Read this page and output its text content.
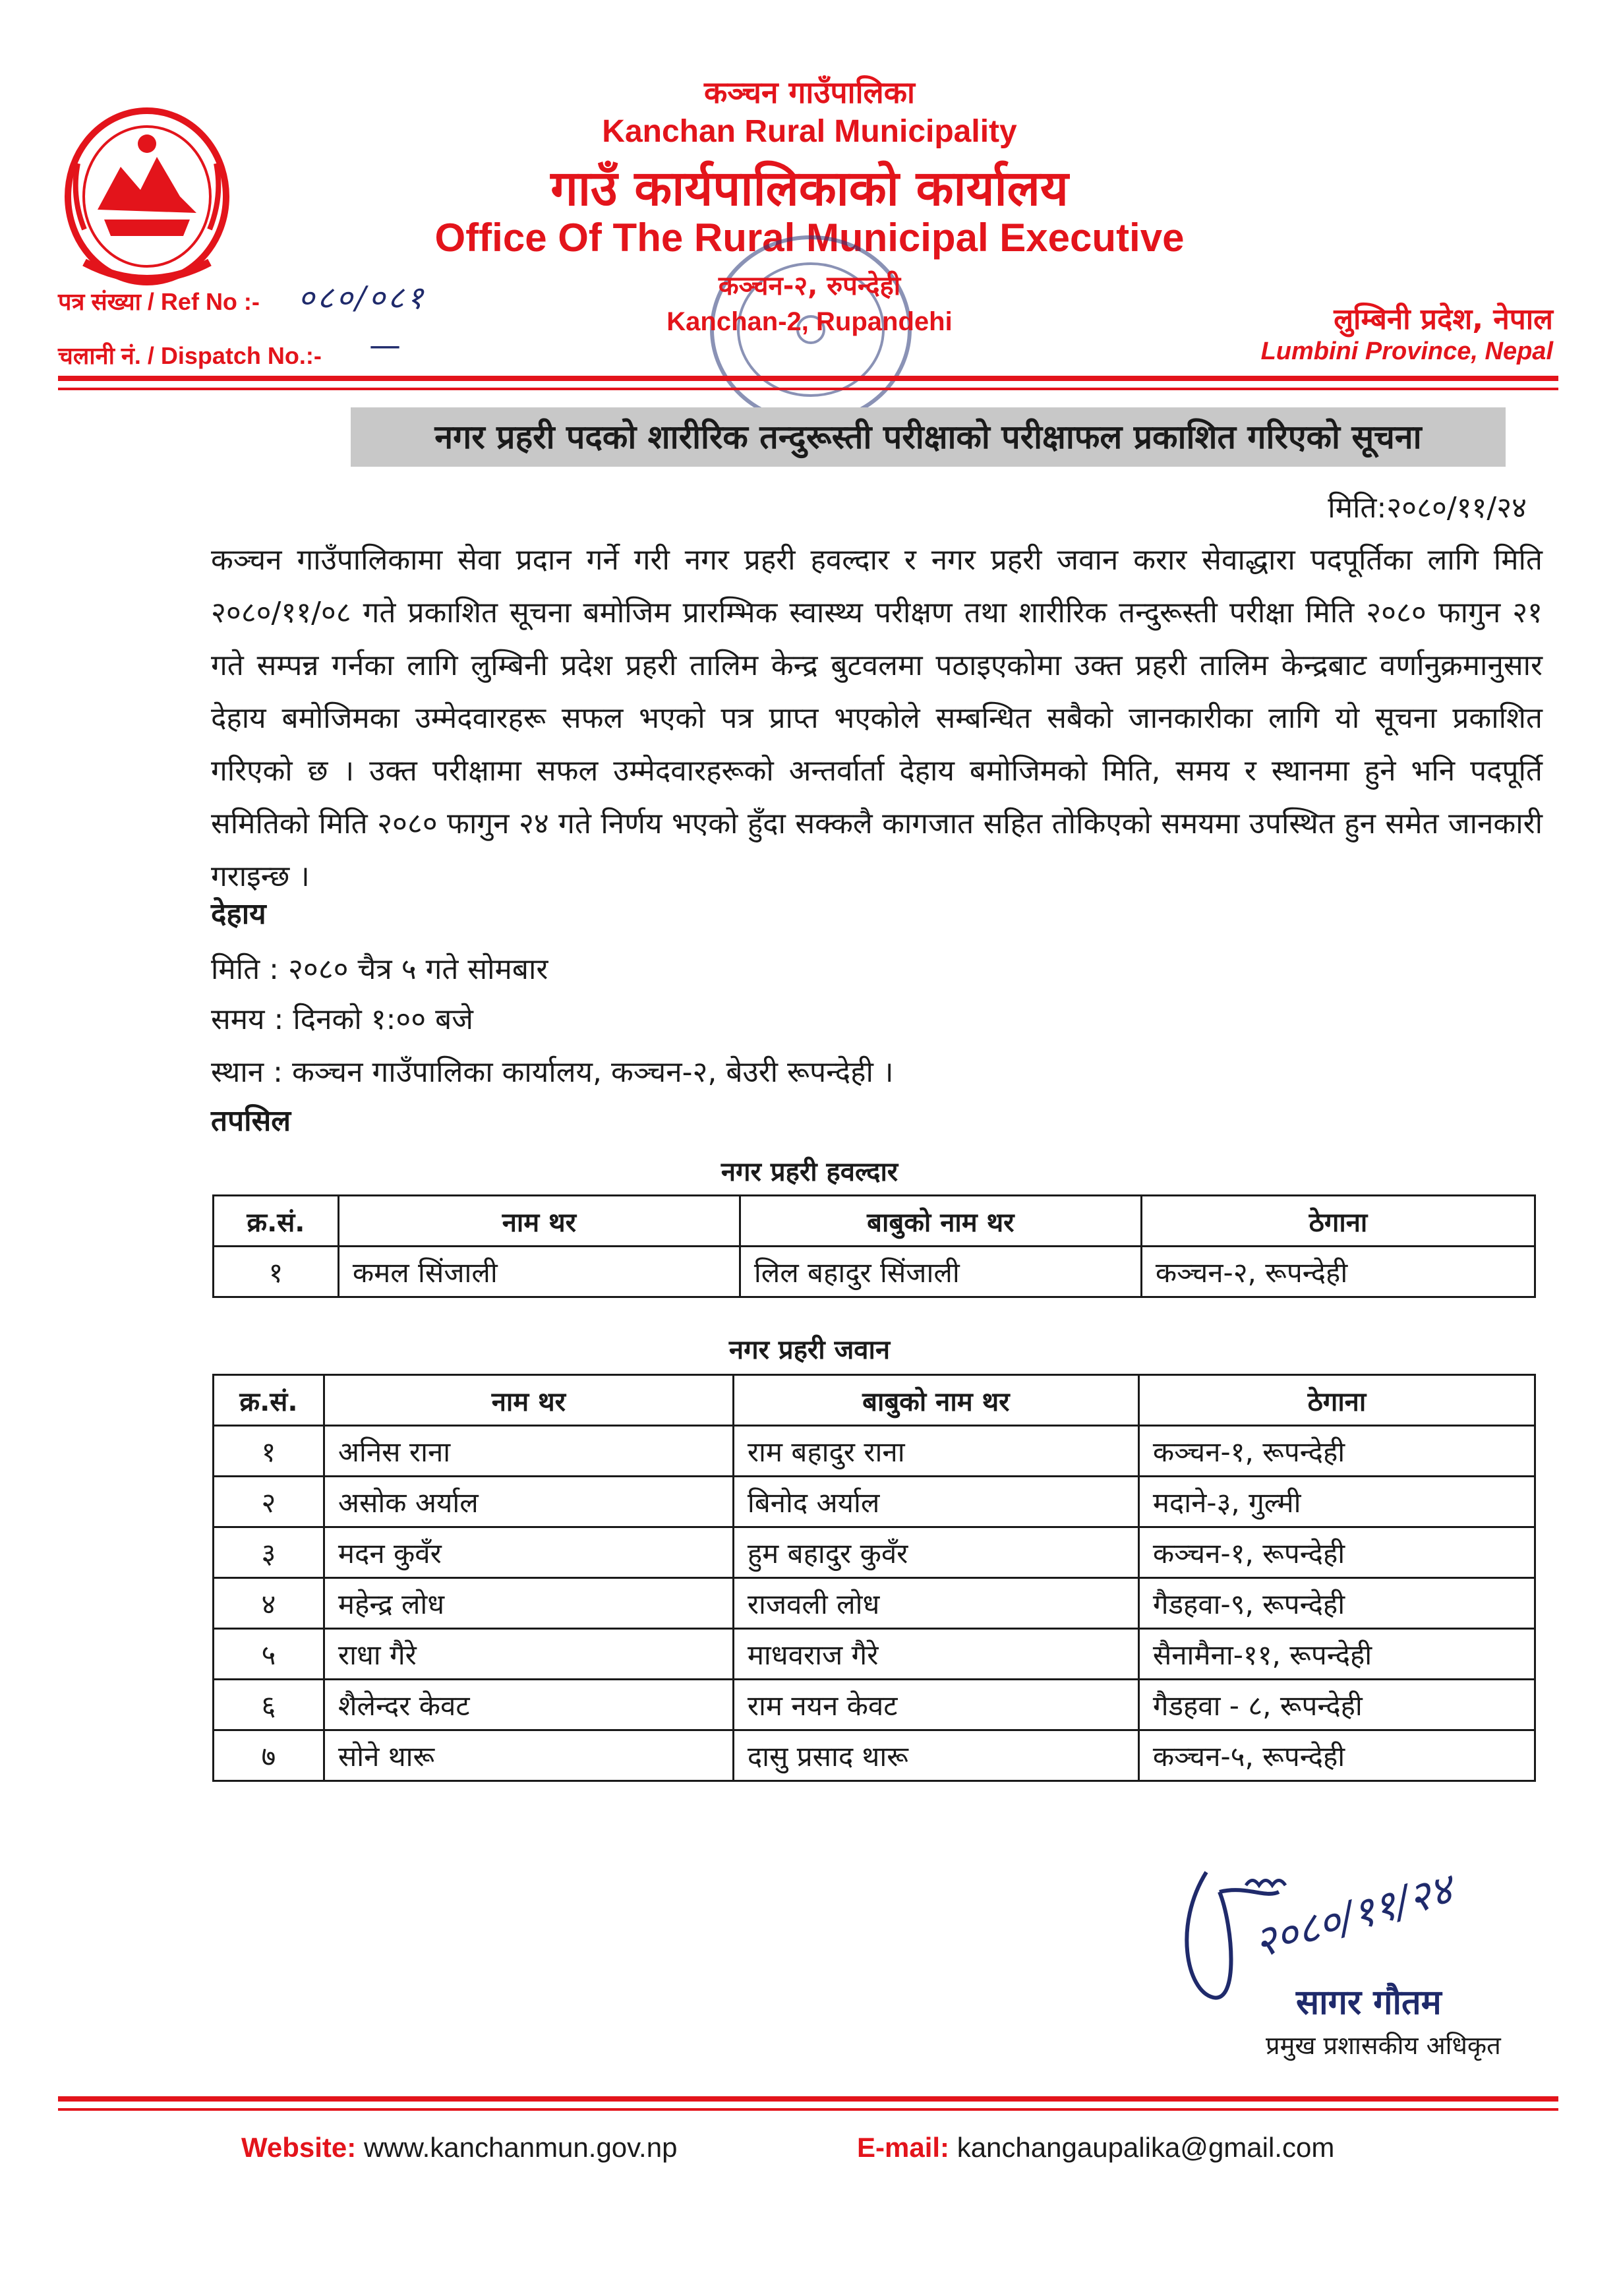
कञ्चन गाउँपालिका
Kanchan Rural Municipality
गाउँ कार्यपालिकाको कार्यालय
Office Of The Rural Municipal Executive
कञ्चन-२, रुपन्देही
Kanchan-2, Rupandehi
पत्र संख्या / Ref No :- ०८०/०८१
चलानी नं. / Dispatch No.:- —
लुम्बिनी प्रदेश, नेपाल
Lumbini Province, Nepal
नगर प्रहरी पदको शारीरिक तन्दुरूस्ती परीक्षाको परीक्षाफल प्रकाशित गरिएको सूचना
मिति:२०८०/११/२४
कञ्चन गाउँपालिकामा सेवा प्रदान गर्ने गरी नगर प्रहरी हवल्दार र नगर प्रहरी जवान करार सेवाद्धारा पदपूर्तिका लागि मिति २०८०/११/०८ गते प्रकाशित सूचना बमोजिम प्रारम्भिक स्वास्थ्य परीक्षण तथा शारीरिक तन्दुरूस्ती परीक्षा मिति २०८० फागुन २१ गते सम्पन्न गर्नका लागि लुम्बिनी प्रदेश प्रहरी तालिम केन्द्र बुटवलमा पठाइएकोमा उक्त प्रहरी तालिम केन्द्रबाट वर्णानुक्रमानुसार देहाय बमोजिमका उम्मेदवारहरू सफल भएको पत्र प्राप्त भएकोले सम्बन्धित सबैको जानकारीका लागि यो सूचना प्रकाशित गरिएको छ । उक्त परीक्षामा सफल उम्मेदवारहरूको अन्तर्वार्ता देहाय बमोजिमको मिति, समय र स्थानमा हुने भनि पदपूर्ति समितिको मिति २०८० फागुन २४ गते निर्णय भएको हुँदा सक्कलै कागजात सहित तोकिएको समयमा उपस्थित हुन समेत जानकारी गराइन्छ ।
देहाय
मिति : २०८० चैत्र ५ गते सोमबार
समय : दिनको १:०० बजे
स्थान : कञ्चन गाउँपालिका कार्यालय, कञ्चन-२, बेउरी रूपन्देही ।
तपसिल
नगर प्रहरी हवल्दार
क्र.सं.	नाम थर	बाबुको नाम थर	ठेगाना
१	कमल सिंजाली	लिल बहादुर सिंजाली	कञ्चन-२, रूपन्देही
नगर प्रहरी जवान
क्र.सं.	नाम थर	बाबुको नाम थर	ठेगाना
१	अनिस राना	राम बहादुर राना	कञ्चन-१, रूपन्देही
२	असोक अर्याल	बिनोद अर्याल	मदाने-३, गुल्मी
३	मदन कुवँर	हुम बहादुर कुवँर	कञ्चन-१, रूपन्देही
४	महेन्द्र लोध	राजवली लोध	गैडहवा-९, रूपन्देही
५	राधा गैरे	माधवराज गैरे	सैनामैना-११, रूपन्देही
६	शैलेन्दर केवट	राम नयन केवट	गैडहवा - ८, रूपन्देही
७	सोने थारू	दासु प्रसाद थारू	कञ्चन-५, रूपन्देही
२०८०/११/२४
सागर गौतम
प्रमुख प्रशासकीय अधिकृत
Website: www.kanchanmun.gov.np	E-mail: kanchangaupalika@gmail.com
